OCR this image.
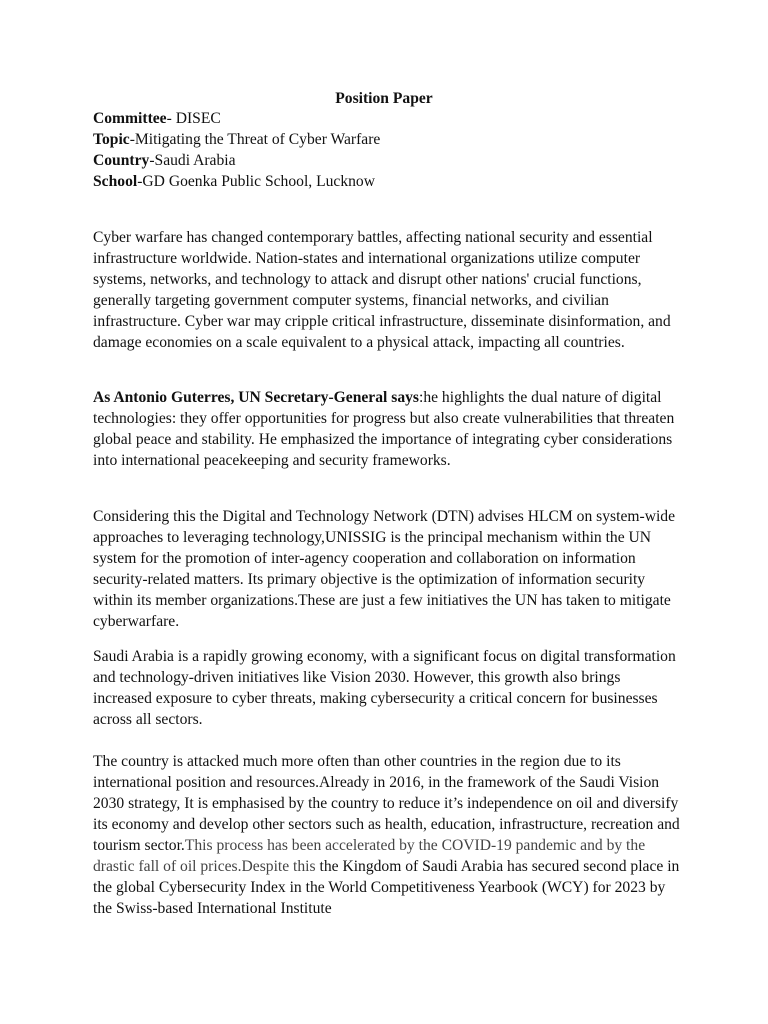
Position Paper
Committee- DISEC
Topic-Mitigating the Threat of Cyber Warfare
Country-Saudi Arabia
School-GD Goenka Public School, Lucknow

Cyber warfare has changed contemporary battles, affecting national security and essential infrastructure worldwide. Nation-states and international organizations utilize computer systems, networks, and technology to attack and disrupt other nations' crucial functions, generally targeting government computer systems, financial networks, and civilian infrastructure. Cyber war may cripple critical infrastructure, disseminate disinformation, and damage economies on a scale equivalent to a physical attack, impacting all countries.

As Antonio Guterres, UN Secretary-General says:he highlights the dual nature of digital technologies: they offer opportunities for progress but also create vulnerabilities that threaten global peace and stability. He emphasized the importance of integrating cyber considerations into international peacekeeping and security frameworks.

Considering this the Digital and Technology Network (DTN) advises HLCM on system-wide approaches to leveraging technology,UNISSIG is the principal mechanism within the UN system for the promotion of inter-agency cooperation and collaboration on information security-related matters. Its primary objective is the optimization of information security within its member organizations.These are just a few initiatives the UN has taken to mitigate cyberwarfare.

Saudi Arabia is a rapidly growing economy, with a significant focus on digital transformation and technology-driven initiatives like Vision 2030. However, this growth also brings increased exposure to cyber threats, making cybersecurity a critical concern for businesses across all sectors.

The country is attacked much more often than other countries in the region due to its international position and resources.Already in 2016, in the framework of the Saudi Vision 2030 strategy, It is emphasised by the country to reduce it’s independence on oil and diversify its economy and develop other sectors such as health, education, infrastructure, recreation and tourism sector.This process has been accelerated by the COVID-19 pandemic and by the drastic fall of oil prices.Despite this the Kingdom of Saudi Arabia has secured second place in the global Cybersecurity Index in the World Competitiveness Yearbook (WCY) for 2023 by the Swiss-based International Institute
